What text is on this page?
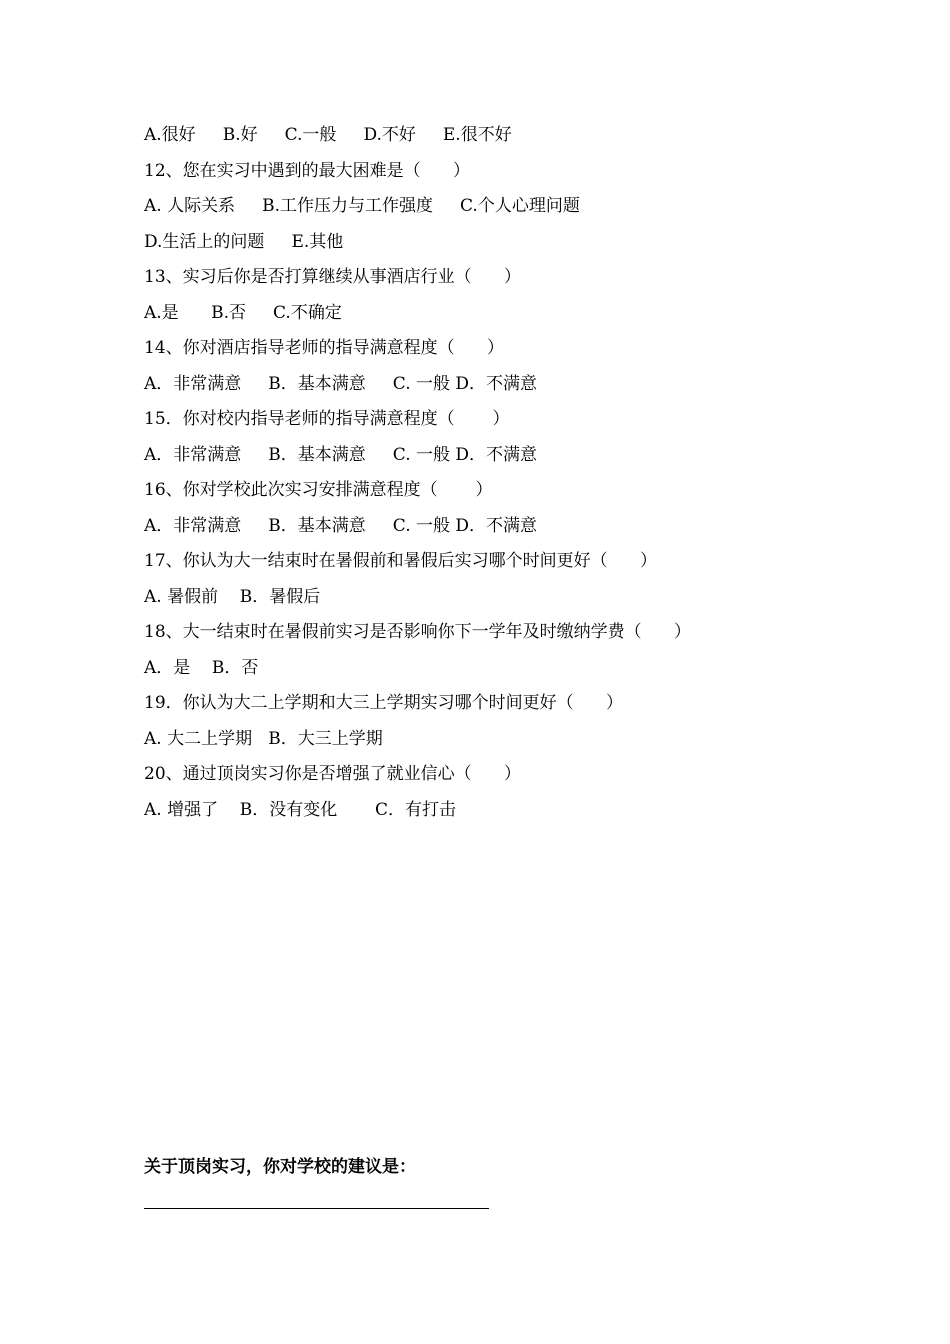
A.很好     B.好     C.一般     D.不好     E.很不好
12、您在实习中遇到的最大困难是（      ）
A. 人际关系     B.工作压力与工作强度     C.个人心理问题
D.生活上的问题     E.其他
13、实习后你是否打算继续从事酒店行业（      ）
A.是      B.否     C.不确定
14、你对酒店指导老师的指导满意程度（      ）
A．非常满意     B．基本满意     C. 一般 D．不满意
15．你对校内指导老师的指导满意程度（       ）
A．非常满意     B．基本满意     C. 一般 D．不满意
16、你对学校此次实习安排满意程度（       ）
A．非常满意     B．基本满意     C. 一般 D．不满意
17、你认为大一结束时在暑假前和暑假后实习哪个时间更好（      ）
A. 暑假前    B．暑假后
18、大一结束时在暑假前实习是否影响你下一学年及时缴纳学费（      ）
A．是    B．否
19．你认为大二上学期和大三上学期实习哪个时间更好（      ）
A. 大二上学期   B．大三上学期
20、通过顶岗实习你是否增强了就业信心（      ）
A. 增强了    B．没有变化       C．有打击
关于顶岗实习，你对学校的建议是：
